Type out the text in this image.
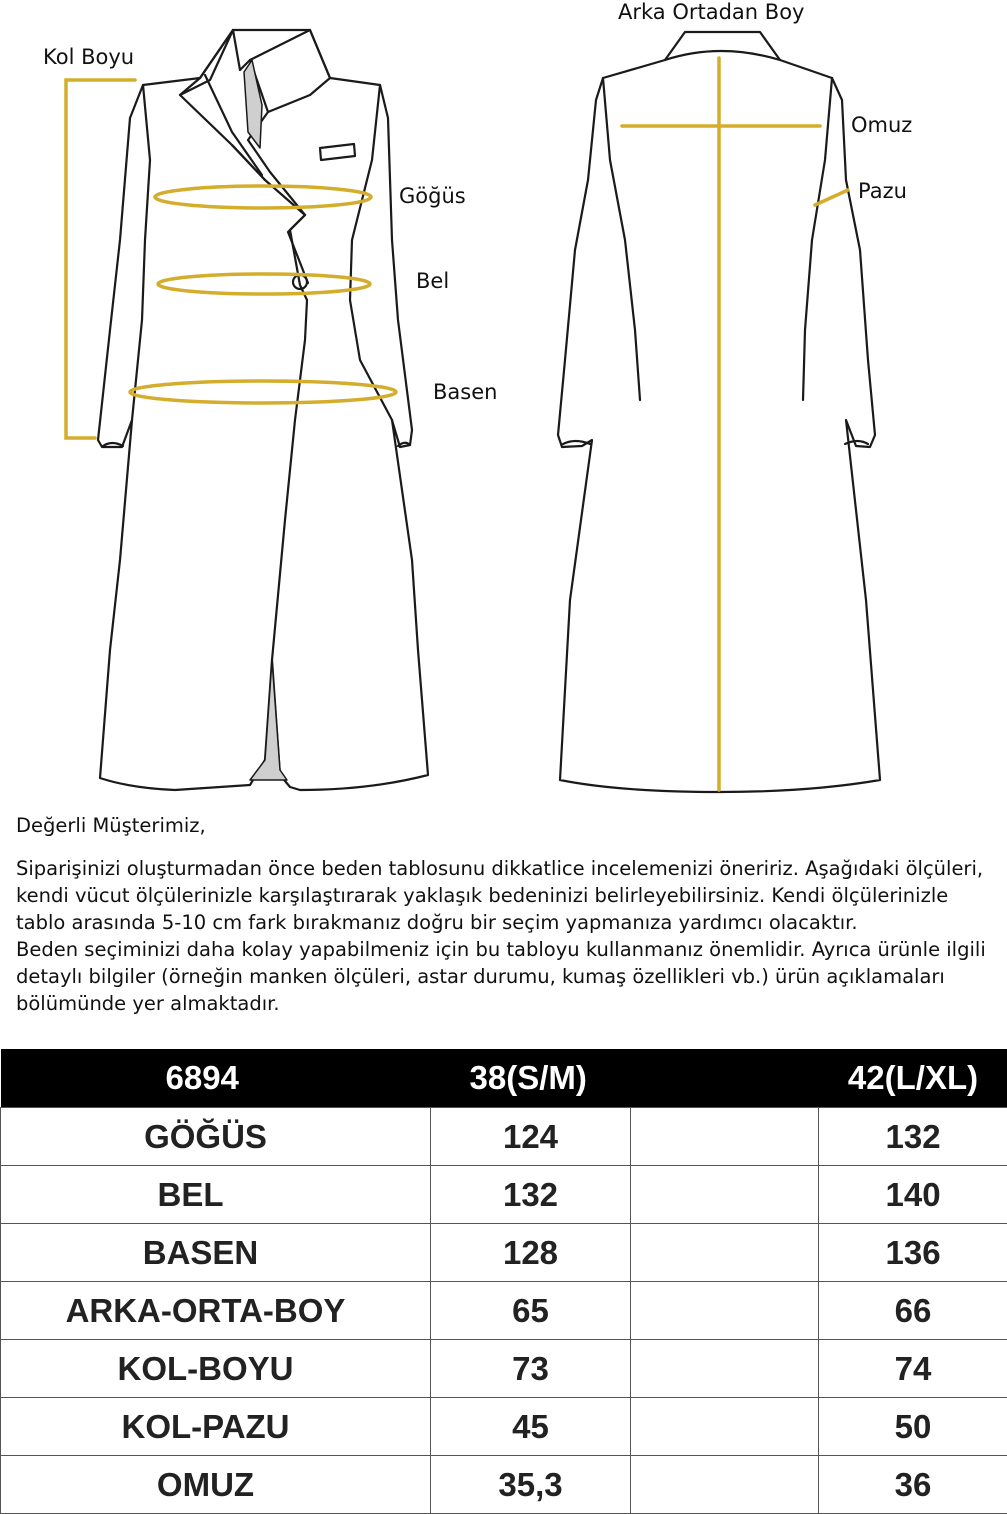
Kol Boyu
Arka Ortadan Boy
Omuz
Göğüs	Pazu
Bel
Basen

Değerli Müşterimiz,

Siparişinizi oluşturmadan önce beden tablosunu dikkatlice incelemenizi öneririz. Aşağıdaki ölçüleri, kendi vücut ölçülerinizle karşılaştırarak yaklaşık bedeninizi belirleyebilirsiniz. Kendi ölçülerinizle tablo arasında 5-10 cm fark bırakmanız doğru bir seçim yapmanıza yardımcı olacaktır.

Beden seçiminizi daha kolay yapabilmeniz için bu tabloyu kullanmanız önemlidir. Ayrıca ürünle ilgili detaylı bilgiler (örneğin manken ölçüleri, astar durumu, kumaş özellikleri vb.) ürün açıklamaları bölümünde yer almaktadır.

6894	38(S/M)		42(L/XL)
GÖĞÜS	124		132
BEL	132		140
BASEN	128		136
ARKA-ORTA-BOY	65		66
KOL-BOYU	73		74
KOL-PAZU	45		50
OMUZ	35,3		36
